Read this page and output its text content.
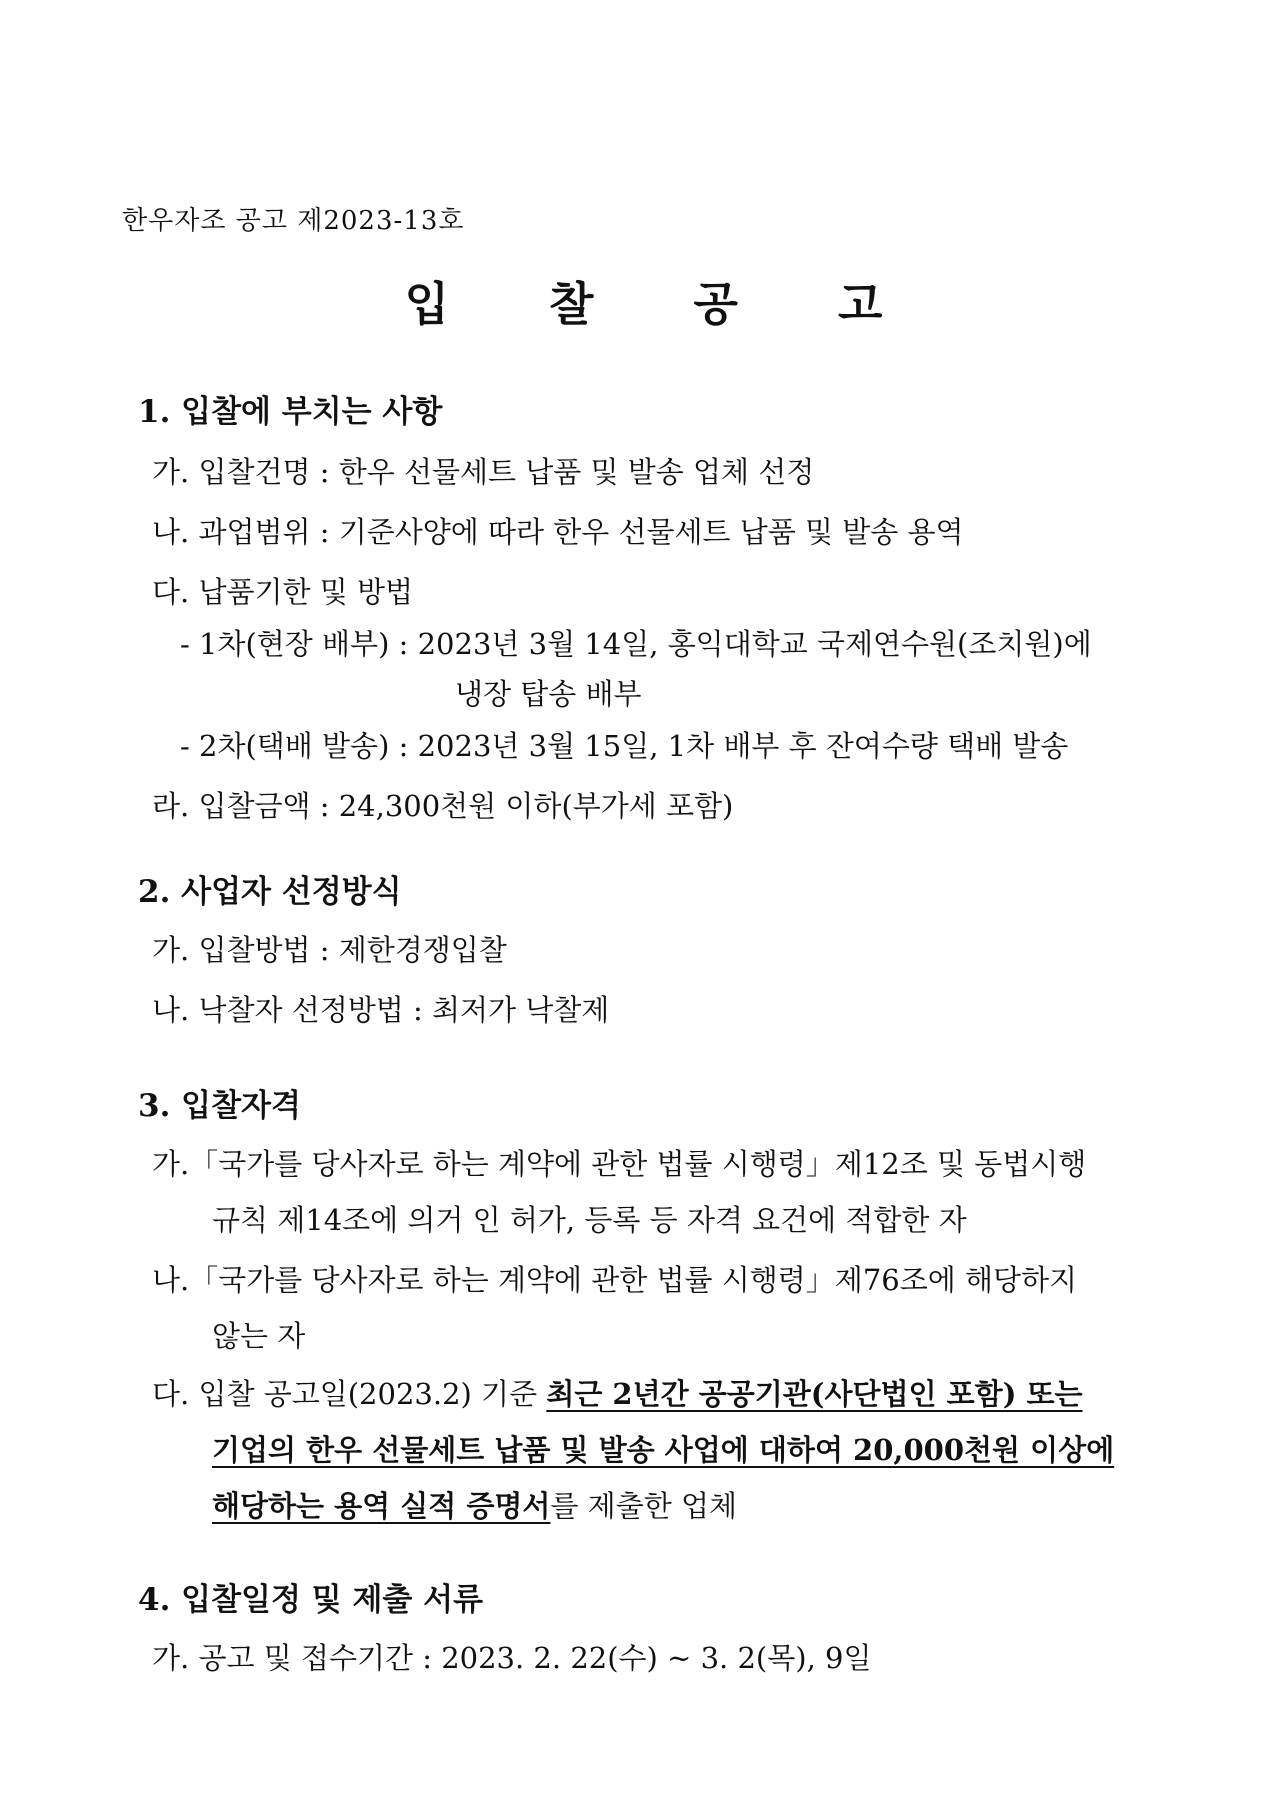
한우자조 공고 제2023-13호
입 찰 공 고
1. 입찰에 부치는 사항
가. 입찰건명 : 한우 선물세트 납품 및 발송 업체 선정
나. 과업범위 : 기준사양에 따라 한우 선물세트 납품 및 발송 용역
다. 납품기한 및 방법
- 1차(현장 배부) : 2023년 3월 14일, 홍익대학교 국제연수원(조치원)에
냉장 탑송 배부
- 2차(택배 발송) : 2023년 3월 15일, 1차 배부 후 잔여수량 택배 발송
라. 입찰금액 : 24,300천원 이하(부가세 포함)
2. 사업자 선정방식
가. 입찰방법 : 제한경쟁입찰
나. 낙찰자 선정방법 : 최저가 낙찰제
3. 입찰자격
가.「국가를 당사자로 하는 계약에 관한 법률 시행령」제12조 및 동법시행
규칙 제14조에 의거 인 허가, 등록 등 자격 요건에 적합한 자
나.「국가를 당사자로 하는 계약에 관한 법률 시행령」제76조에 해당하지
않는 자
다. 입찰 공고일(2023.2) 기준 최근 2년간 공공기관(사단법인 포함) 또는
기업의 한우 선물세트 납품 및 발송 사업에 대하여 20,000천원 이상에
해당하는 용역 실적 증명서를 제출한 업체
4. 입찰일정 및 제출 서류
가. 공고 및 접수기간 : 2023. 2. 22(수) ~ 3. 2(목), 9일
